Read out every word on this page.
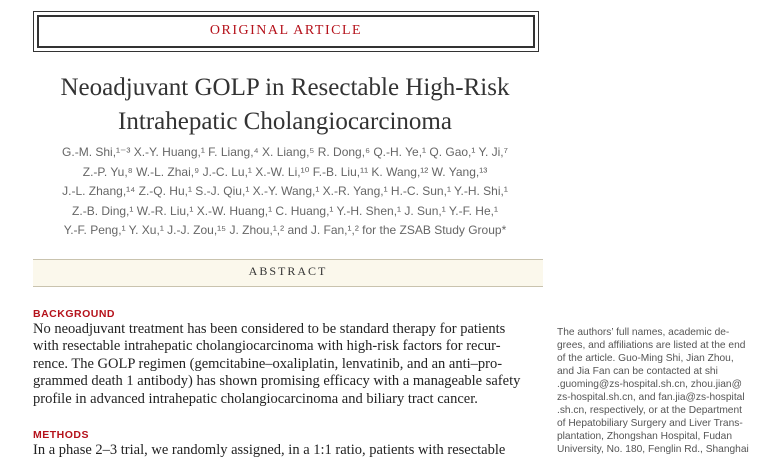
ORIGINAL ARTICLE
Neoadjuvant GOLP in Resectable High-Risk
Intrahepatic Cholangiocarcinoma
G.-M. Shi,¹⁻³ X.-Y. Huang,¹ F. Liang,⁴ X. Liang,⁵ R. Dong,⁶ Q.-H. Ye,¹ Q. Gao,¹ Y. Ji,⁷
Z.-P. Yu,⁸ W.-L. Zhai,⁹ J.-C. Lu,¹ X.-W. Li,¹⁰ F.-B. Liu,¹¹ K. Wang,¹² W. Yang,¹³
J.-L. Zhang,¹⁴ Z.-Q. Hu,¹ S.-J. Qiu,¹ X.-Y. Wang,¹ X.-R. Yang,¹ H.-C. Sun,¹ Y.-H. Shi,¹
Z.-B. Ding,¹ W.-R. Liu,¹ X.-W. Huang,¹ C. Huang,¹ Y.-H. Shen,¹ J. Sun,¹ Y.-F. He,¹
Y.-F. Peng,¹ Y. Xu,¹ J.-J. Zou,¹⁵ J. Zhou,¹,² and J. Fan,¹,² for the ZSAB Study Group*
ABSTRACT
BACKGROUND
No neoadjuvant treatment has been considered to be standard therapy for patients
with resectable intrahepatic cholangiocarcinoma with high-risk factors for recur-
rence. The GOLP regimen (gemcitabine–oxaliplatin, lenvatinib, and an anti–pro-
grammed death 1 antibody) has shown promising efficacy with a manageable safety
profile in advanced intrahepatic cholangiocarcinoma and biliary tract cancer.
METHODS
In a phase 2–3 trial, we randomly assigned, in a 1:1 ratio, patients with resectable
The authors’ full names, academic de-
grees, and affiliations are listed at the end
of the article. Guo-Ming Shi, Jian Zhou,
and Jia Fan can be contacted at shi
.guoming@zs-hospital.sh.cn, zhou.jian@
zs-hospital.sh.cn, and fan.jia@zs-hospital
.sh.cn, respectively, or at the Department
of Hepatobiliary Surgery and Liver Trans-
plantation, Zhongshan Hospital, Fudan
University, No. 180, Fenglin Rd., Shanghai
